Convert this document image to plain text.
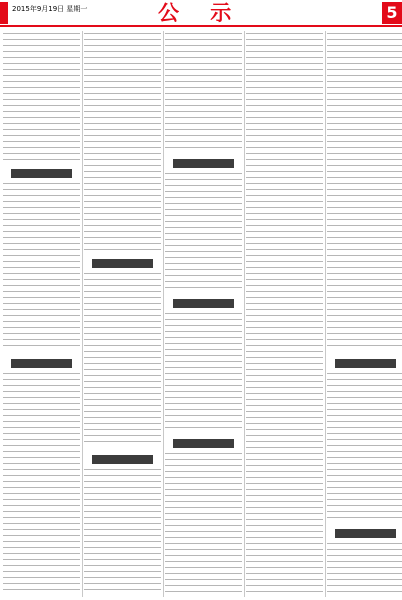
2015年9月19日 星期一	公 示	5
